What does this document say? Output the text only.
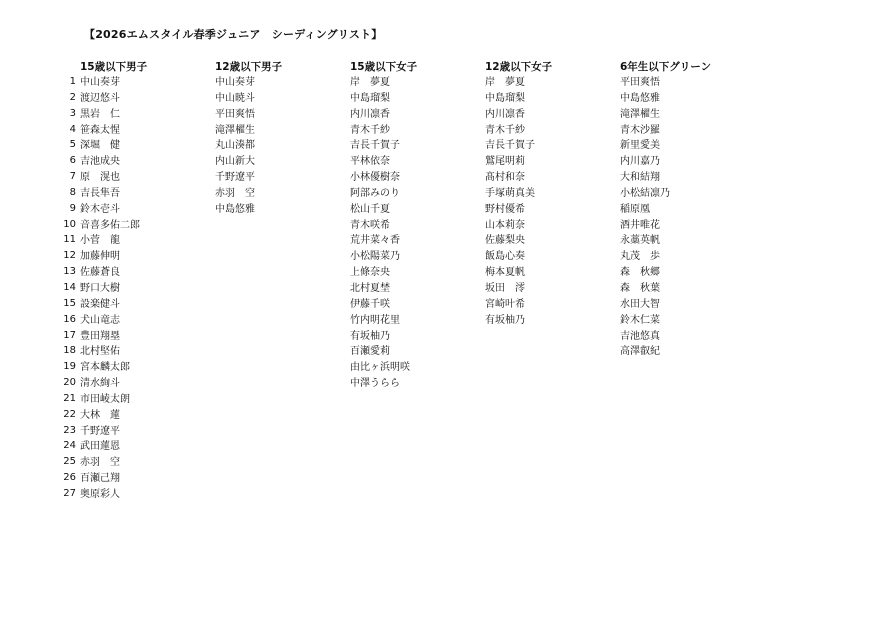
【2026エムスタイル春季ジュニア　シーディングリスト】
1
2
3
4
5
6
7
8
9
10
11
12
13
14
15
16
17
18
19
20
21
22
23
24
25
26
27
15歳以下男子
中山奏芽
渡辺悠斗
黒岩　仁
笹森太惺
深堀　健
吉池成央
原　滉也
吉長隼吾
鈴木壱斗
音喜多佑二郎
小菅　龍
加藤伸明
佐藤蒼良
野口大樹
設楽健斗
犬山竜志
豊田翔塁
北村堅佑
宮本麟太郎
清水絢斗
市田崚太朗
大林　蓮
千野遼平
武田蓮恩
赤羽　空
百瀬己翔
奥原彩人
12歳以下男子
中山奏芽
中山暁斗
平田爽悟
滝澤櫂生
丸山湊都
内山新大
千野遼平
赤羽　空
中島悠雅
15歳以下女子
岸　夢夏
中島瑠梨
内川凛香
青木千紗
吉長千賀子
平林依奈
小林優樹奈
阿部みのり
松山千夏
青木咲希
荒井菜々香
小松陽菜乃
上條奈央
北村夏埜
伊藤千咲
竹内明花里
有坂柚乃
百瀬愛莉
由比ヶ浜明咲
中澤うらら
12歳以下女子
岸　夢夏
中島瑠梨
内川凛香
青木千紗
吉長千賀子
鷲尾明莉
髙村和奈
手塚萌真美
野村優希
山本莉奈
佐藤梨央
飯島心奏
梅本夏帆
坂田　澪
宮崎叶希
有坂柚乃
6年生以下グリーン
平田爽悟
中島悠雅
滝澤櫂生
青木沙羅
新里愛美
内川嘉乃
大和結翔
小松結凛乃
稲原凰
酒井唯花
永藁英帆
丸茂　歩
森　秋郷
森　秋葉
水田大智
鈴木仁菜
吉池悠真
高澤叡紀
